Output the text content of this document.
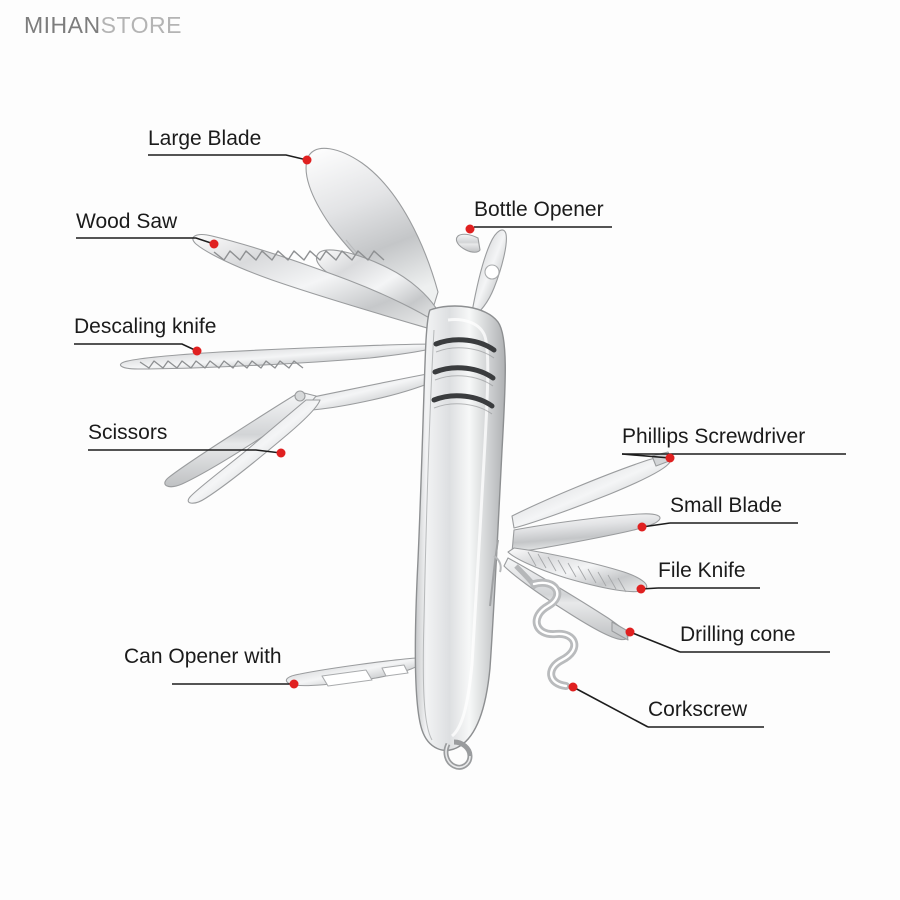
MIHANSTORE
Large Blade
Bottle Opener
Wood Saw
Descaling knife
Scissors	Phillips Screwdriver
Small Blade
File Knife
Drilling cone
Can Opener with
Corkscrew
